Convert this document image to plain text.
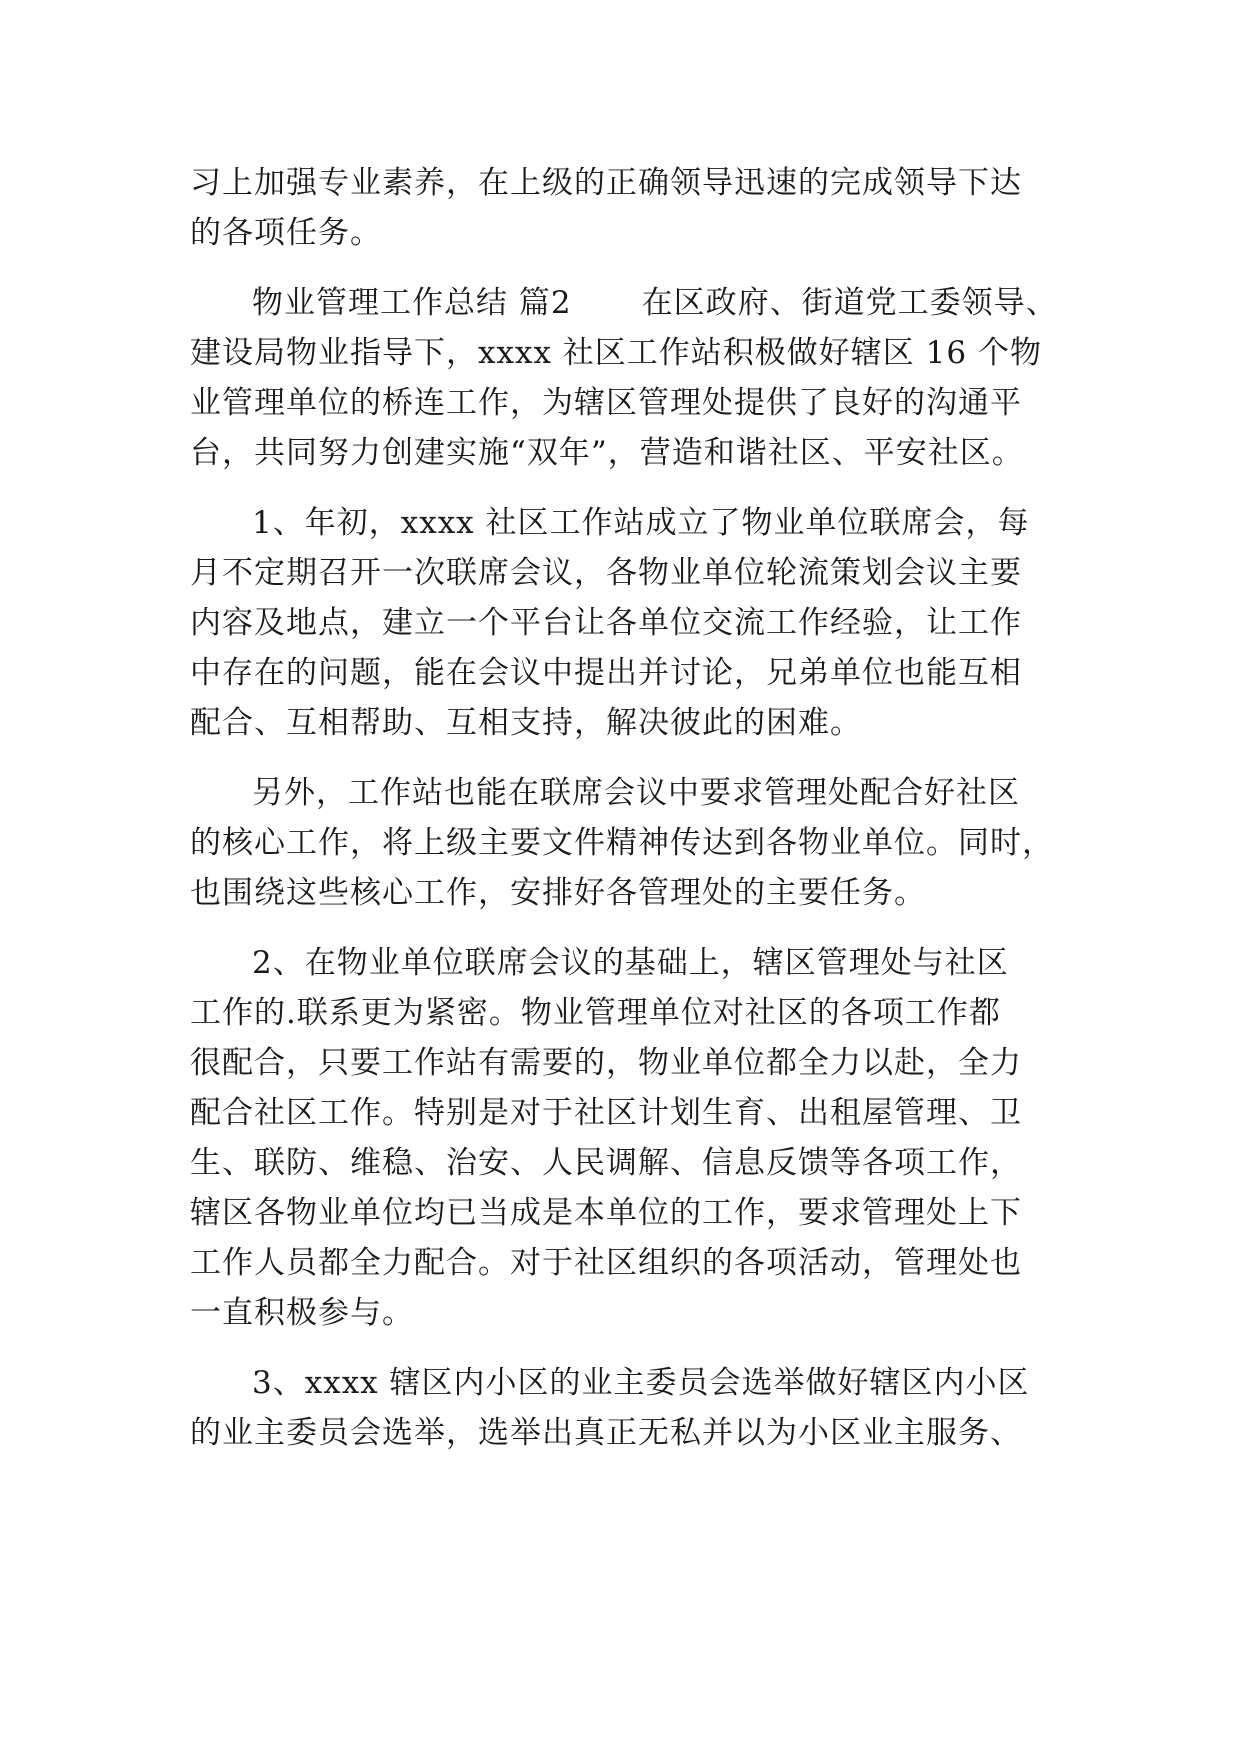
习上加强专业素养，在上级的正确领导迅速的完成领导下达
的各项任务。
物业管理工作总结 篇2 在区政府、街道党工委领导、
建设局物业指导下，xxxx 社区工作站积极做好辖区 16 个物
业管理单位的桥连工作，为辖区管理处提供了良好的沟通平
台，共同努力创建实施“双年”，营造和谐社区、平安社区。
1、年初，xxxx 社区工作站成立了物业单位联席会，每
月不定期召开一次联席会议，各物业单位轮流策划会议主要
内容及地点，建立一个平台让各单位交流工作经验，让工作
中存在的问题，能在会议中提出并讨论，兄弟单位也能互相
配合、互相帮助、互相支持，解决彼此的困难。
另外，工作站也能在联席会议中要求管理处配合好社区
的核心工作，将上级主要文件精神传达到各物业单位。同时，
也围绕这些核心工作，安排好各管理处的主要任务。
2、在物业单位联席会议的基础上，辖区管理处与社区
工作的.联系更为紧密。物业管理单位对社区的各项工作都
很配合，只要工作站有需要的，物业单位都全力以赴，全力
配合社区工作。特别是对于社区计划生育、出租屋管理、卫
生、联防、维稳、治安、人民调解、信息反馈等各项工作，
辖区各物业单位均已当成是本单位的工作，要求管理处上下
工作人员都全力配合。对于社区组织的各项活动，管理处也
一直积极参与。
3、xxxx 辖区内小区的业主委员会选举做好辖区内小区
的业主委员会选举，选举出真正无私并以为小区业主服务、
